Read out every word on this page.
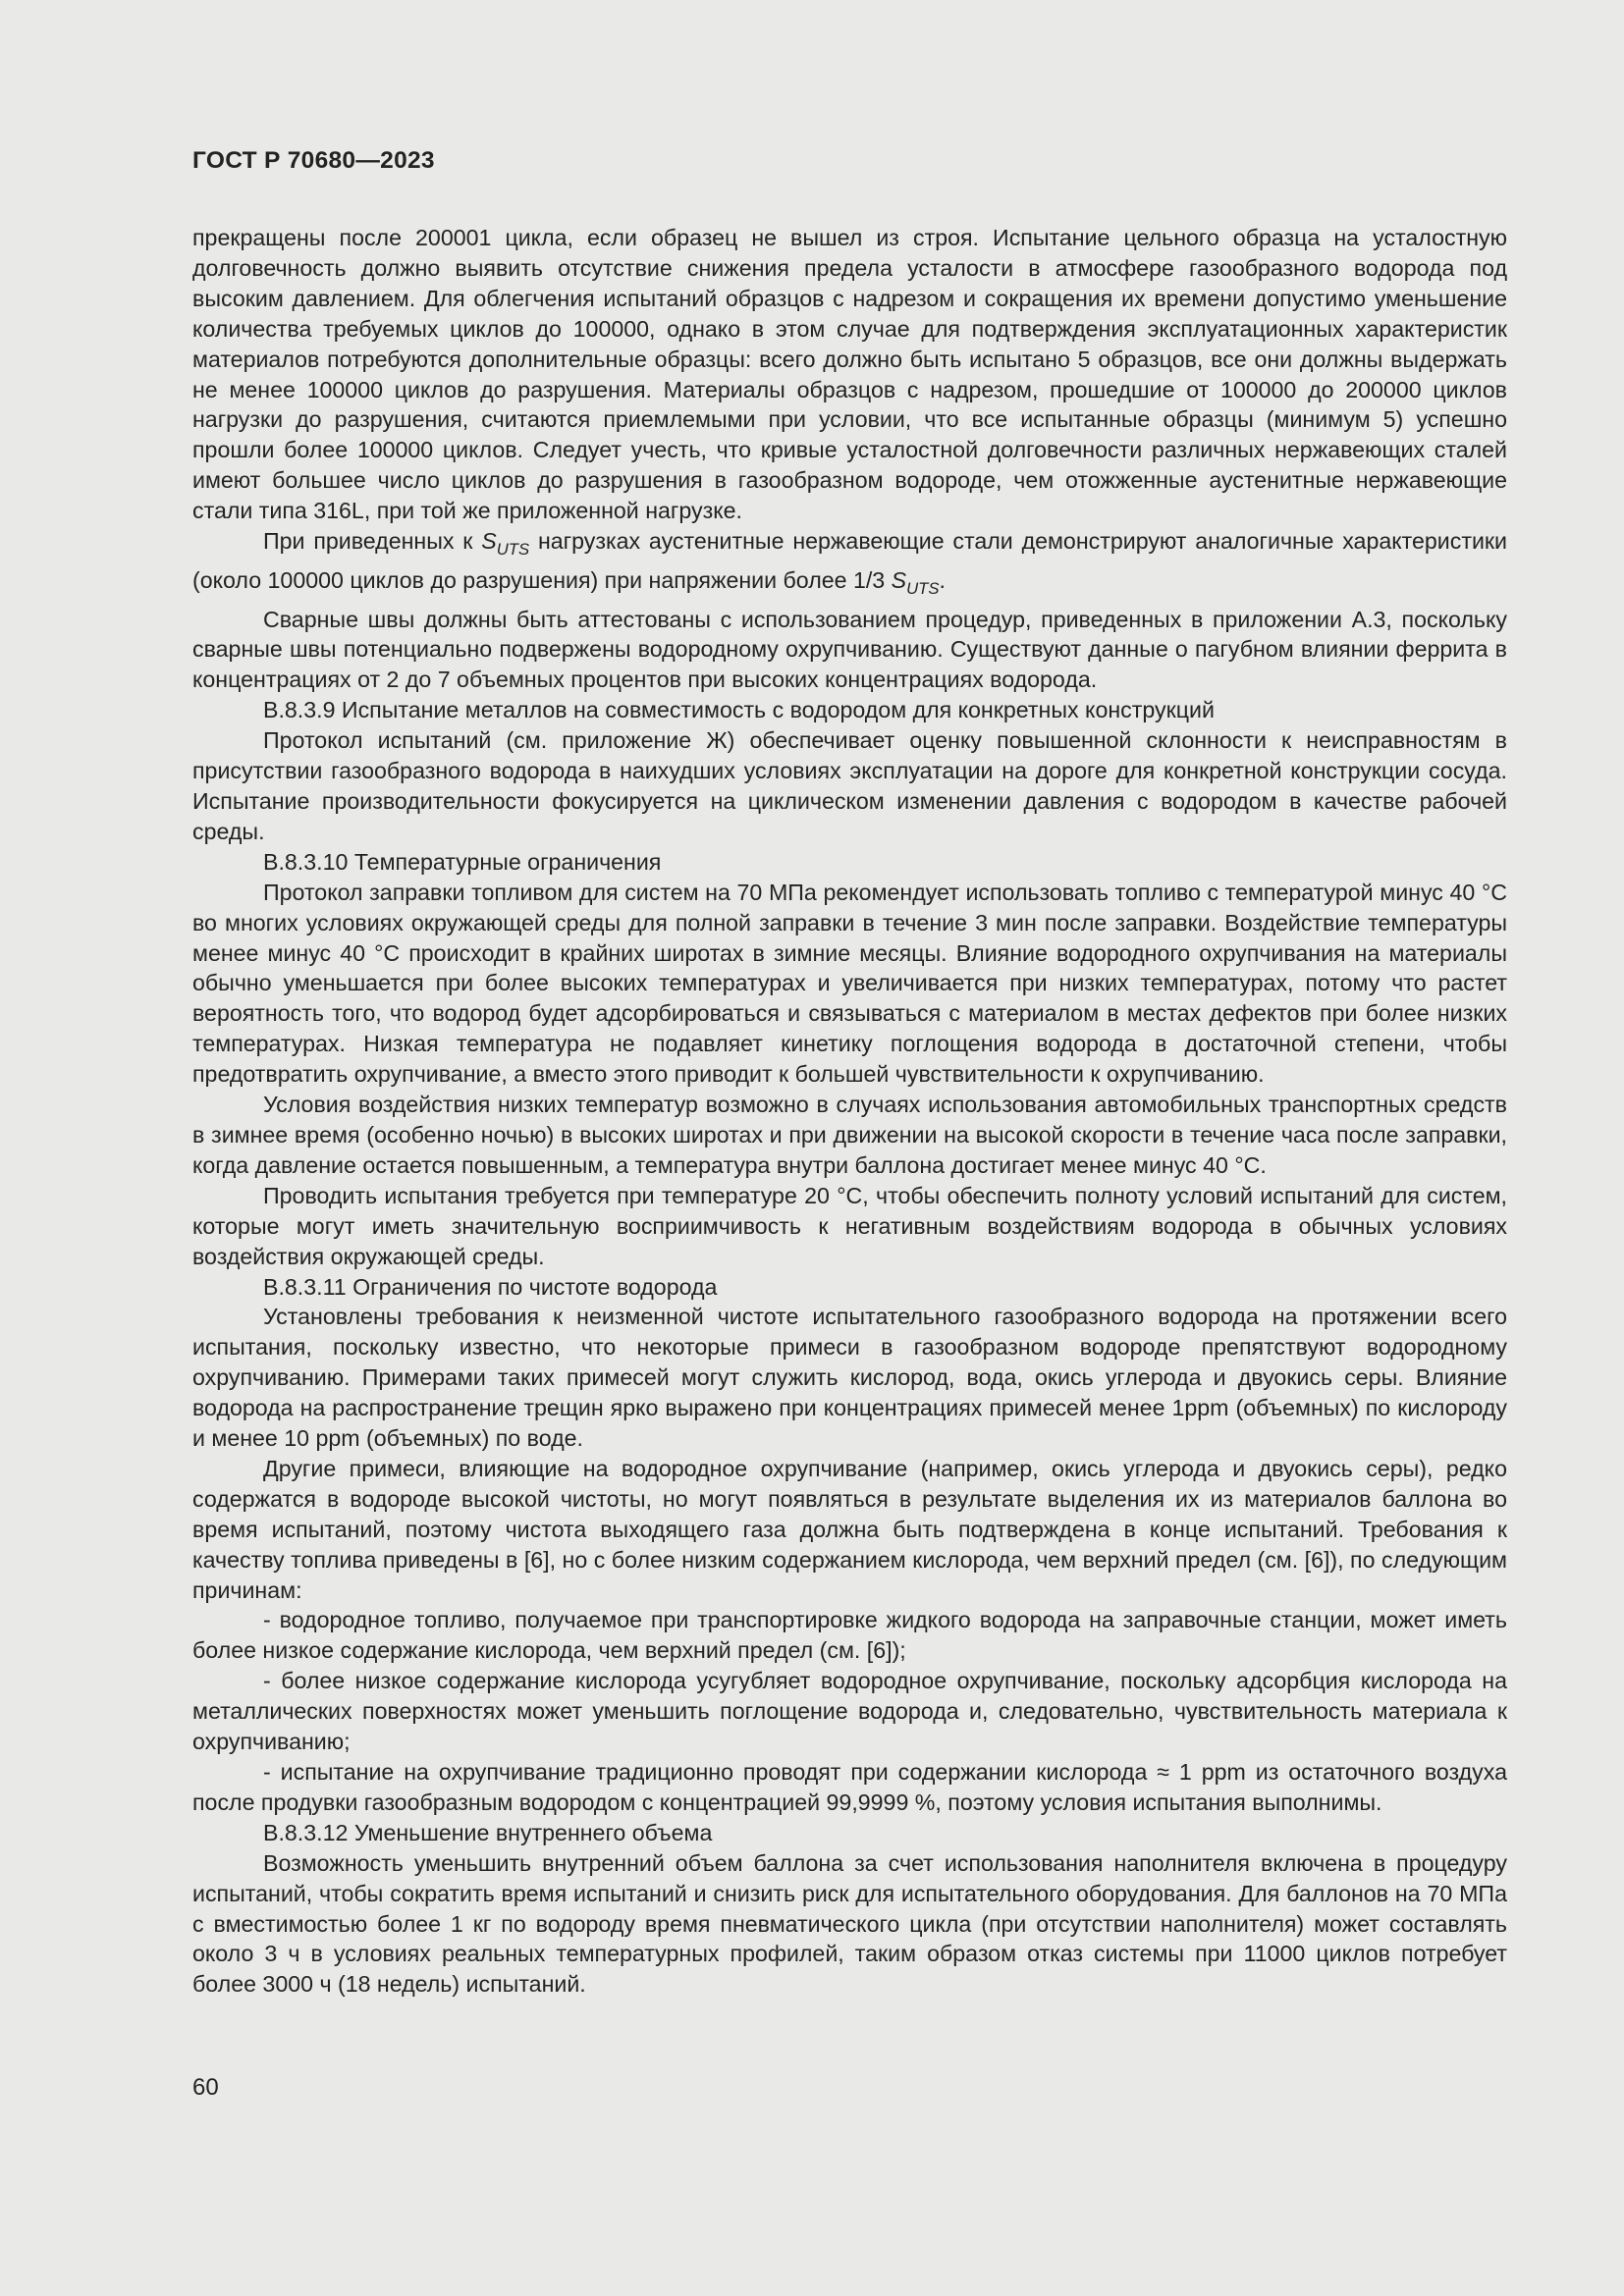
ГОСТ Р 70680—2023

прекращены после 200001 цикла, если образец не вышел из строя. Испытание цельного образца на усталостную долговечность должно выявить отсутствие снижения предела усталости в атмосфере газообразного водорода под высоким давлением. Для облегчения испытаний образцов с надрезом и сокращения их времени допустимо уменьшение количества требуемых циклов до 100000, однако в этом случае для подтверждения эксплуатационных характеристик материалов потребуются дополнительные образцы: всего должно быть испытано 5 образцов, все они должны выдержать не менее 100000 циклов до разрушения. Материалы образцов с надрезом, прошедшие от 100000 до 200000 циклов нагрузки до разрушения, считаются приемлемыми при условии, что все испытанные образцы (минимум 5) успешно прошли более 100000 циклов. Следует учесть, что кривые усталостной долговечности различных нержавеющих сталей имеют большее число циклов до разрушения в газообразном водороде, чем отожженные аустенитные нержавеющие стали типа 316L, при той же приложенной нагрузке.

При приведенных к $S_{UTS}$ нагрузках аустенитные нержавеющие стали демонстрируют аналогичные характеристики (около 100000 циклов до разрушения) при напряжении более 1/3 $S_{UTS}$.

Сварные швы должны быть аттестованы с использованием процедур, приведенных в приложении А.3, поскольку сварные швы потенциально подвержены водородному охрупчиванию. Существуют данные о пагубном влиянии феррита в концентрациях от 2 до 7 объемных процентов при высоких концентрациях водорода.

В.8.3.9 Испытание металлов на совместимость с водородом для конкретных конструкций

Протокол испытаний (см. приложение Ж) обеспечивает оценку повышенной склонности к неисправностям в присутствии газообразного водорода в наихудших условиях эксплуатации на дороге для конкретной конструкции сосуда. Испытание производительности фокусируется на циклическом изменении давления с водородом в качестве рабочей среды.

В.8.3.10 Температурные ограничения

Протокол заправки топливом для систем на 70 МПа рекомендует использовать топливо с температурой минус 40 °С во многих условиях окружающей среды для полной заправки в течение 3 мин после заправки. Воздействие температуры менее минус 40 °С происходит в крайних широтах в зимние месяцы. Влияние водородного охрупчивания на материалы обычно уменьшается при более высоких температурах и увеличивается при низких температурах, потому что растет вероятность того, что водород будет адсорбироваться и связываться с материалом в местах дефектов при более низких температурах. Низкая температура не подавляет кинетику поглощения водорода в достаточной степени, чтобы предотвратить охрупчивание, а вместо этого приводит к большей чувствительности к охрупчиванию.

Условия воздействия низких температур возможно в случаях использования автомобильных транспортных средств в зимнее время (особенно ночью) в высоких широтах и при движении на высокой скорости в течение часа после заправки, когда давление остается повышенным, а температура внутри баллона достигает менее минус 40 °С.

Проводить испытания требуется при температуре 20 °С, чтобы обеспечить полноту условий испытаний для систем, которые могут иметь значительную восприимчивость к негативным воздействиям водорода в обычных условиях воздействия окружающей среды.

В.8.3.11 Ограничения по чистоте водорода

Установлены требования к неизменной чистоте испытательного газообразного водорода на протяжении всего испытания, поскольку известно, что некоторые примеси в газообразном водороде препятствуют водородному охрупчиванию. Примерами таких примесей могут служить кислород, вода, окись углерода и двуокись серы. Влияние водорода на распространение трещин ярко выражено при концентрациях примесей менее 1ppm (объемных) по кислороду и менее 10 ppm (объемных) по воде.

Другие примеси, влияющие на водородное охрупчивание (например, окись углерода и двуокись серы), редко содержатся в водороде высокой чистоты, но могут появляться в результате выделения их из материалов баллона во время испытаний, поэтому чистота выходящего газа должна быть подтверждена в конце испытаний. Требования к качеству топлива приведены в [6], но с более низким содержанием кислорода, чем верхний предел (см. [6]), по следующим причинам:

- водородное топливо, получаемое при транспортировке жидкого водорода на заправочные станции, может иметь более низкое содержание кислорода, чем верхний предел (см. [6]);

- более низкое содержание кислорода усугубляет водородное охрупчивание, поскольку адсорбция кислорода на металлических поверхностях может уменьшить поглощение водорода и, следовательно, чувствительность материала к охрупчиванию;

- испытание на охрупчивание традиционно проводят при содержании кислорода ≈ 1 ppm из остаточного воздуха после продувки газообразным водородом с концентрацией 99,9999 %, поэтому условия испытания выполнимы.

В.8.3.12 Уменьшение внутреннего объема

Возможность уменьшить внутренний объем баллона за счет использования наполнителя включена в процедуру испытаний, чтобы сократить время испытаний и снизить риск для испытательного оборудования. Для баллонов на 70 МПа с вместимостью более 1 кг по водороду время пневматического цикла (при отсутствии наполнителя) может составлять около 3 ч в условиях реальных температурных профилей, таким образом отказ системы при 11000 циклов потребует более 3000 ч (18 недель) испытаний.

60
